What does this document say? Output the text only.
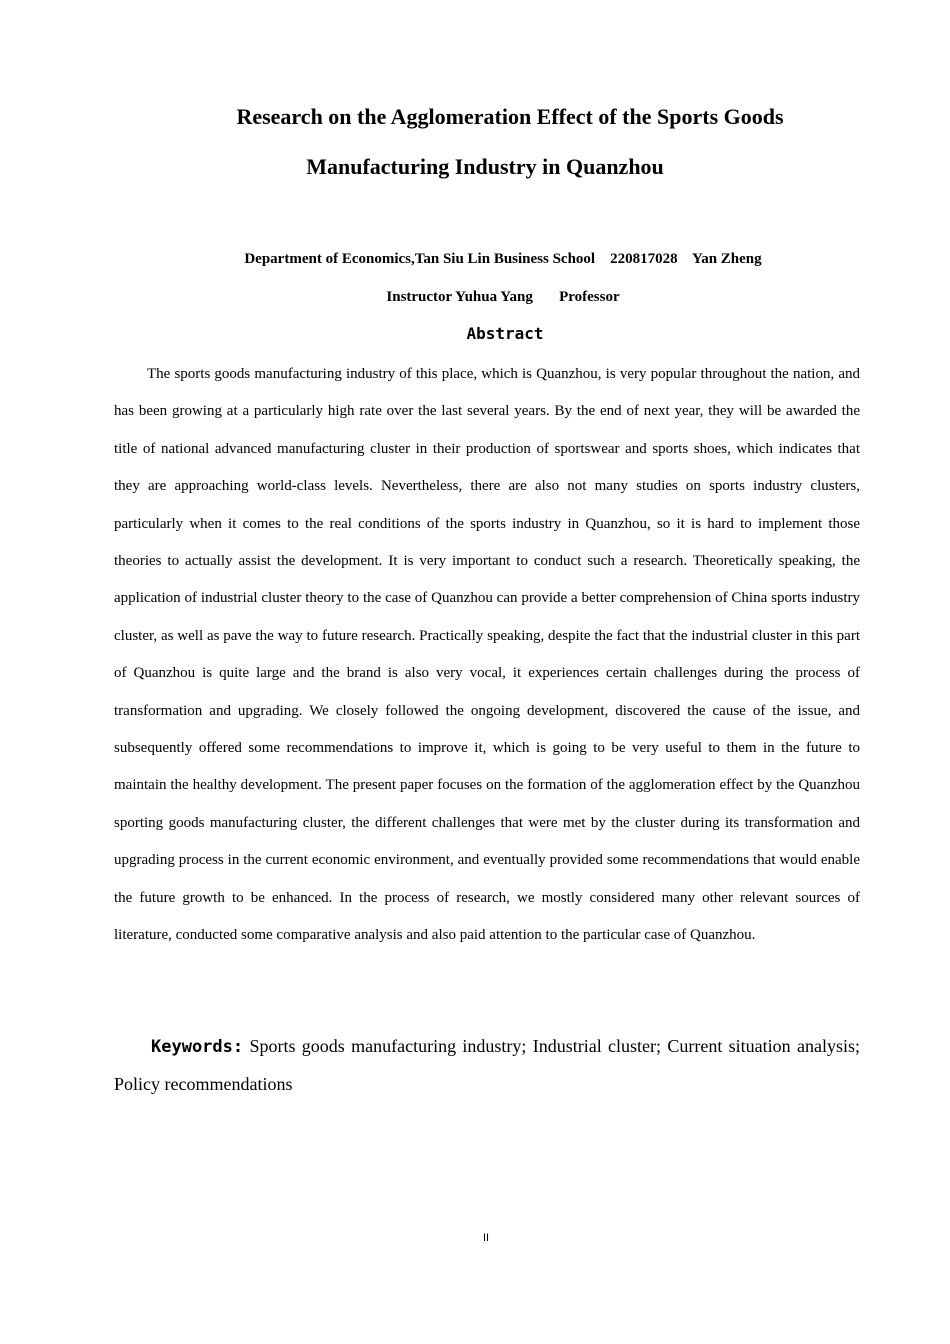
Research on the Agglomeration Effect of the Sports Goods
Manufacturing Industry in Quanzhou
Department of Economics,Tan Siu Lin Business School    220817028    Yan Zheng
Instructor Yuhua Yang       Professor
Abstract

The sports goods manufacturing industry of this place, which is Quanzhou, is very popular throughout the nation, and has been growing at a particularly high rate over the last several years. By the end of next year, they will be awarded the title of national advanced manufacturing cluster in their production of sportswear and sports shoes, which indicates that they are approaching world-class levels. Nevertheless, there are also not many studies on sports industry clusters, particularly when it comes to the real conditions of the sports industry in Quanzhou, so it is hard to implement those theories to actually assist the development. It is very important to conduct such a research. Theoretically speaking, the application of industrial cluster theory to the case of Quanzhou can provide a better comprehension of China sports industry cluster, as well as pave the way to future research. Practically speaking, despite the fact that the industrial cluster in this part of Quanzhou is quite large and the brand is also very vocal, it experiences certain challenges during the process of transformation and upgrading. We closely followed the ongoing development, discovered the cause of the issue, and subsequently offered some recommendations to improve it, which is going to be very useful to them in the future to maintain the healthy development. The present paper focuses on the formation of the agglomeration effect by the Quanzhou sporting goods manufacturing cluster, the different challenges that were met by the cluster during its transformation and upgrading process in the current economic environment, and eventually provided some recommendations that would enable the future growth to be enhanced. In the process of research, we mostly considered many other relevant sources of literature, conducted some comparative analysis and also paid attention to the particular case of Quanzhou.

Keywords: Sports goods manufacturing industry; Industrial cluster; Current situation analysis; Policy recommendations

II
